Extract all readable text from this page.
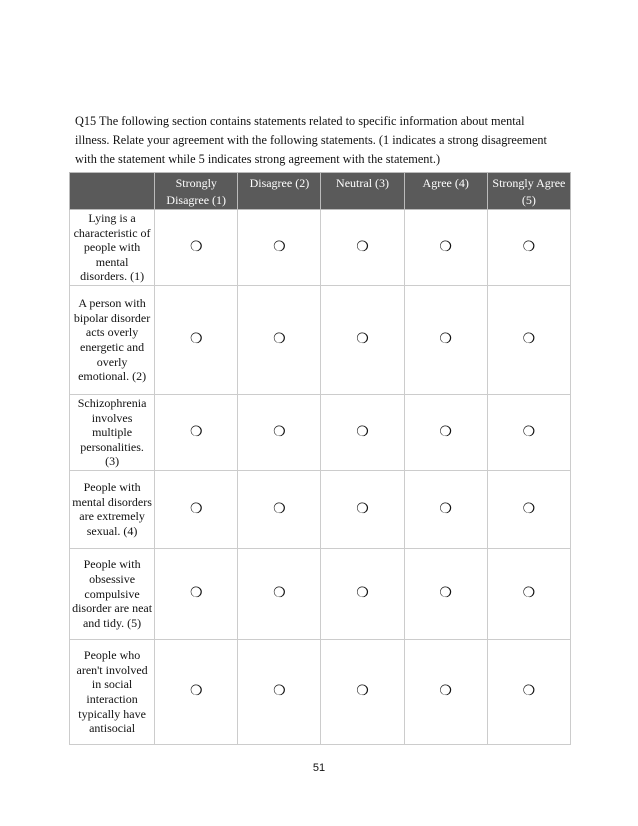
Q15 The following section contains statements related to specific information about mental
illness. Relate your agreement with the following statements. (1 indicates a strong disagreement
with the statement while 5 indicates strong agreement with the statement.)

	Strongly Disagree (1)	Disagree (2)	Neutral (3)	Agree (4)	Strongly Agree (5)
Lying is a characteristic of people with mental disorders. (1)	❍	❍	❍	❍	❍
A person with bipolar disorder acts overly energetic and overly emotional. (2)	❍	❍	❍	❍	❍
Schizophrenia involves multiple personalities. (3)	❍	❍	❍	❍	❍
People with mental disorders are extremely sexual. (4)	❍	❍	❍	❍	❍
People with obsessive compulsive disorder are neat and tidy. (5)	❍	❍	❍	❍	❍
People who aren't involved in social interaction typically have antisocial	❍	❍	❍	❍	❍
51
